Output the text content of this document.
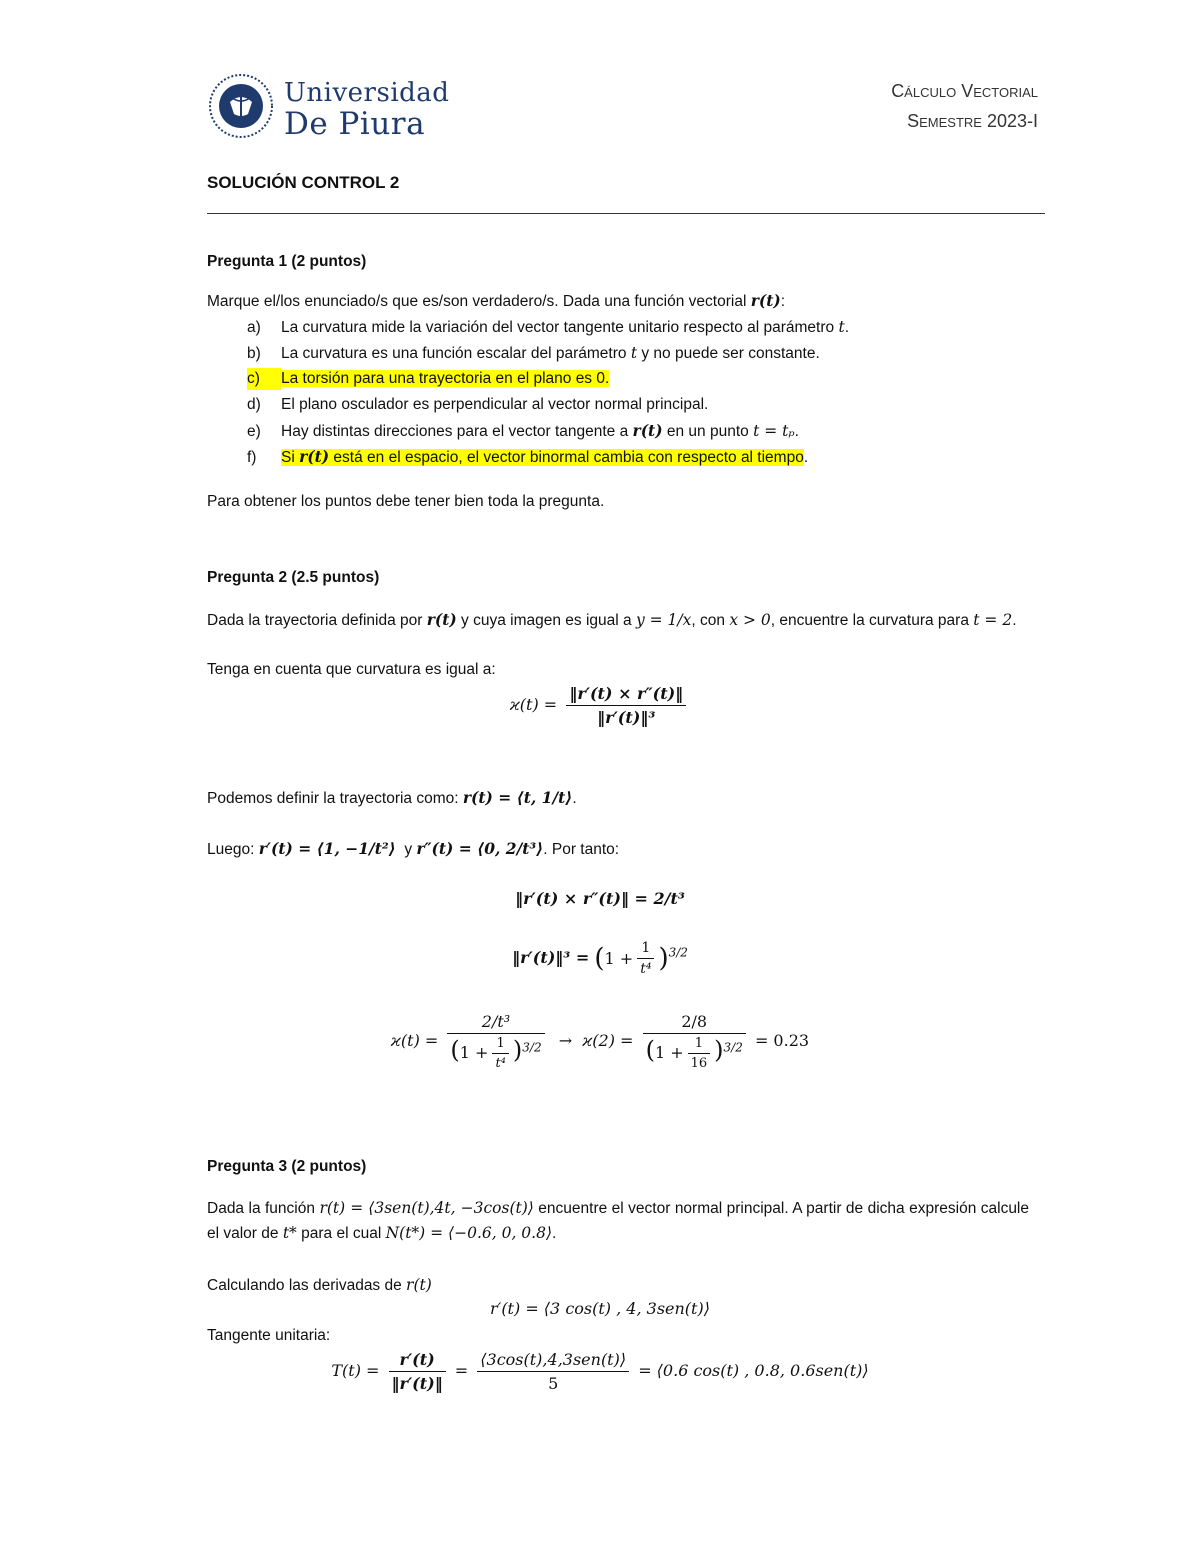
Universidad
De Piura
Cálculo Vectorial
Semestre 2023-I
SOLUCIÓN CONTROL 2
Pregunta 1 (2 puntos)
Marque el/los enunciado/s que es/son verdadero/s. Dada una función vectorial r(t):
a) La curvatura mide la variación del vector tangente unitario respecto al parámetro t.
b) La curvatura es una función escalar del parámetro t y no puede ser constante.
c) La torsión para una trayectoria en el plano es 0.
d) El plano osculador es perpendicular al vector normal principal.
e) Hay distintas direcciones para el vector tangente a r(t) en un punto t = tₚ.
f) Si r(t) está en el espacio, el vector binormal cambia con respecto al tiempo.
Para obtener los puntos debe tener bien toda la pregunta.
Pregunta 2 (2.5 puntos)
Dada la trayectoria definida por r(t) y cuya imagen es igual a y = 1/x, con x > 0, encuentre la curvatura para t = 2.
Tenga en cuenta que curvatura es igual a:
$ϰ(t) = \frac{‖r'(t) \times r''(t)‖}{\text{‖r′(t)‖³}}$
Podemos definir la trayectoria como: r(t) = ⟨t, 1/t⟩.
Luego: r′(t) = ⟨1, −1/t²⟩ y r″(t) = ⟨0, 2/t³⟩. Por tanto:
‖r′(t) × r″(t)‖ = 2/t³
‖r′(t)‖³ = $(1 + \frac{1}{\text{t⁴}} )^{3/2}$
$ϰ(t) = \frac{\text{2/t³}}{(1 + \frac{1}{\text{t⁴}} )^{3/2}} \to ϰ(2) = \frac{2/8}{(1 + \frac{1}{16} )^{3/2}} = 0.23$
Pregunta 3 (2 puntos)
Dada la función r(t) = ⟨3sen(t),4t, −3cos(t)⟩ encuentre el vector normal principal. A partir de dicha expresión calcule el valor de t* para el cual N(t*) = ⟨−0.6, 0, 0.8⟩.
Calculando las derivadas de r(t)
r′(t) = ⟨3 cos(t) , 4, 3sen(t)⟩
Tangente unitaria:
$T(t) = \frac{r'(t)}{‖r'(t)‖} = \frac{\text{⟨3cos(t),4,3sen(t)⟩}}{5}$ = ⟨0.6 cos(t) , 0.8, 0.6sen(t)⟩
